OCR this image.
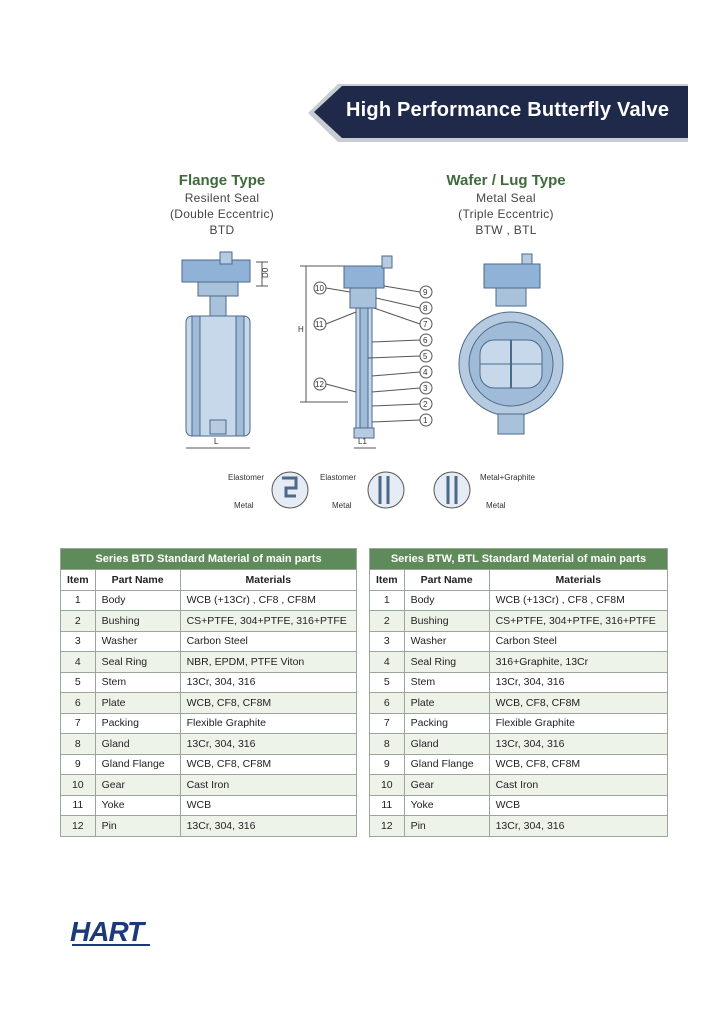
High Performance Butterfly Valve
Flange Type
Resilent Seal
(Double Eccentric)
BTD
Wafer / Lug Type
Metal Seal
(Triple Eccentric)
BTW , BTL
D0
L
H
L1
10
11
12
9
8
7
6
5
4
3
2
1
Elastomer
Metal
Elastomer
Metal
Metal+Graphite
Metal
Series BTD Standard Material of main parts		
Item	Part Name	Materials
1	Body	WCB (+13Cr) , CF8 , CF8M
2	Bushing	CS+PTFE, 304+PTFE, 316+PTFE
3	Washer	Carbon Steel
4	Seal Ring	NBR, EPDM, PTFE Viton
5	Stem	13Cr, 304, 316
6	Plate	WCB, CF8, CF8M
7	Packing	Flexible Graphite
8	Gland	13Cr, 304, 316
9	Gland Flange	WCB, CF8, CF8M
10	Gear	Cast Iron
11	Yoke	WCB
12	Pin	13Cr, 304, 316
Series BTW, BTL Standard Material of main parts		
Item	Part Name	Materials
1	Body	WCB (+13Cr) , CF8 , CF8M
2	Bushing	CS+PTFE, 304+PTFE, 316+PTFE
3	Washer	Carbon Steel
4	Seal Ring	316+Graphite, 13Cr
5	Stem	13Cr, 304, 316
6	Plate	WCB, CF8, CF8M
7	Packing	Flexible Graphite
8	Gland	13Cr, 304, 316
9	Gland Flange	WCB, CF8, CF8M
10	Gear	Cast Iron
11	Yoke	WCB
12	Pin	13Cr, 304, 316
HART
